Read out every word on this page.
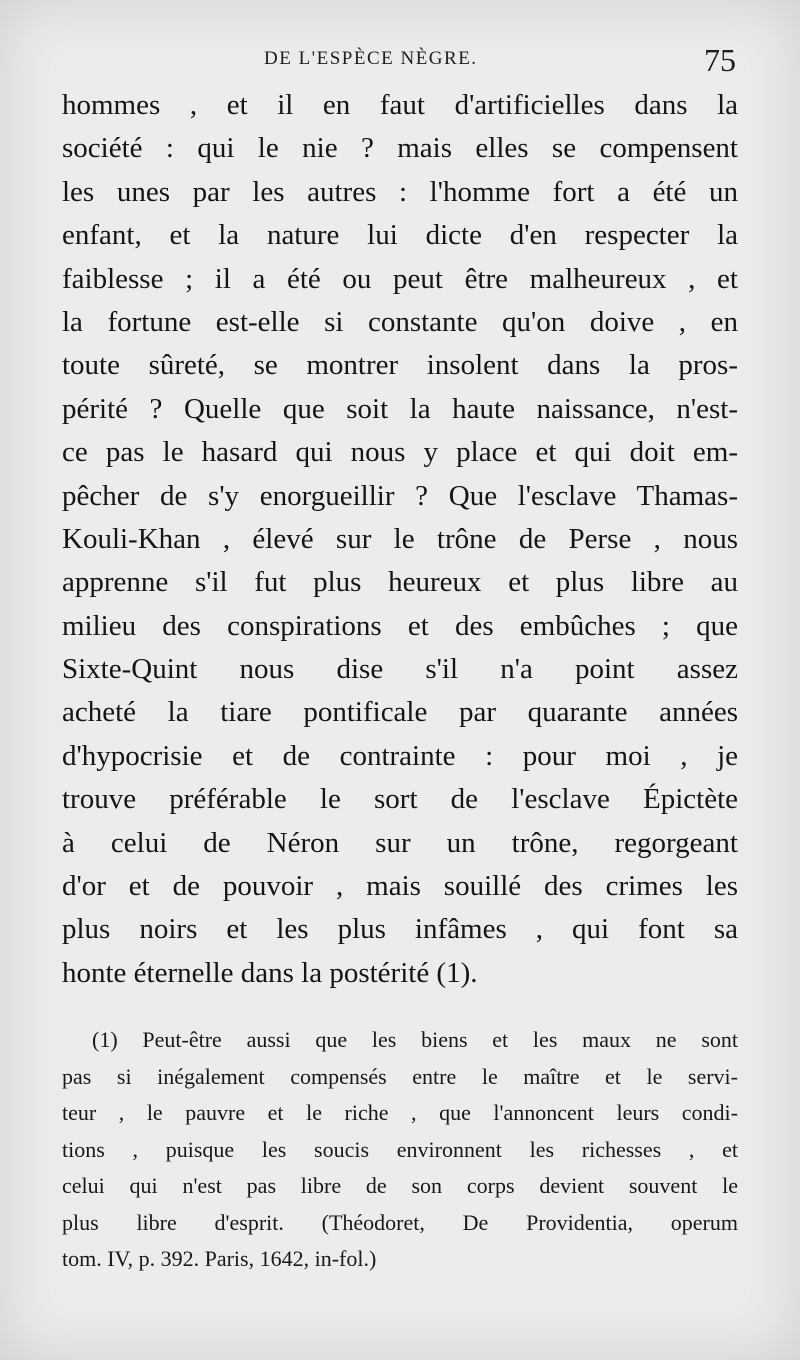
DE L'ESPÈCE NÈGRE.	75
hommes , et il en faut d'artificielles dans la
société : qui le nie ? mais elles se compensent
les unes par les autres : l'homme fort a été un
enfant, et la nature lui dicte d'en respecter la
faiblesse ; il a été ou peut être malheureux , et
la fortune est-elle si constante qu'on doive , en
toute sûreté, se montrer insolent dans la pros-
périté ? Quelle que soit la haute naissance, n'est-
ce pas le hasard qui nous y place et qui doit em-
pêcher de s'y enorgueillir ? Que l'esclave Thamas-
Kouli-Khan , élevé sur le trône de Perse , nous
apprenne s'il fut plus heureux et plus libre au
milieu des conspirations et des embûches ; que
Sixte-Quint nous dise s'il n'a point assez
acheté la tiare pontificale par quarante années
d'hypocrisie et de contrainte : pour moi , je
trouve préférable le sort de l'esclave Épictète
à celui de Néron sur un trône, regorgeant
d'or et de pouvoir , mais souillé des crimes les
plus noirs et les plus infâmes , qui font sa
honte éternelle dans la postérité (1).
(1) Peut-être aussi que les biens et les maux ne sont
pas si inégalement compensés entre le maître et le servi-
teur , le pauvre et le riche , que l'annoncent leurs condi-
tions , puisque les soucis environnent les richesses , et
celui qui n'est pas libre de son corps devient souvent le
plus libre d'esprit. (Théodoret, De Providentia, operum
tom. IV, p. 392. Paris, 1642, in-fol.)
